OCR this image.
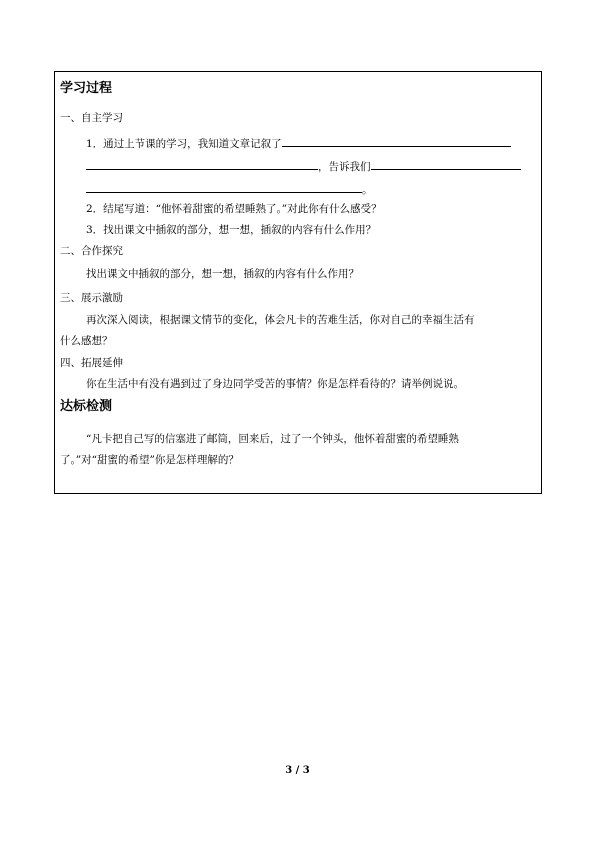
学习过程
一、自主学习
1．通过上节课的学习，我知道文章记叙了
，告诉我们
。
2．结尾写道：“他怀着甜蜜的希望睡熟了。”对此你有什么感受？
3．找出课文中插叙的部分，想一想，插叙的内容有什么作用？
二、合作探究
找出课文中插叙的部分，想一想，插叙的内容有什么作用？
三、展示激励
再次深入阅读，根据课文情节的变化，体会凡卡的苦难生活，你对自己的幸福生活有
什么感想？
四、拓展延伸
你在生活中有没有遇到过了身边同学受苦的事情？你是怎样看待的？请举例说说。
达标检测
“凡卡把自己写的信塞进了邮筒，回来后，过了一个钟头，他怀着甜蜜的希望睡熟
了。”对“甜蜜的希望”你是怎样理解的？
3 / 3
